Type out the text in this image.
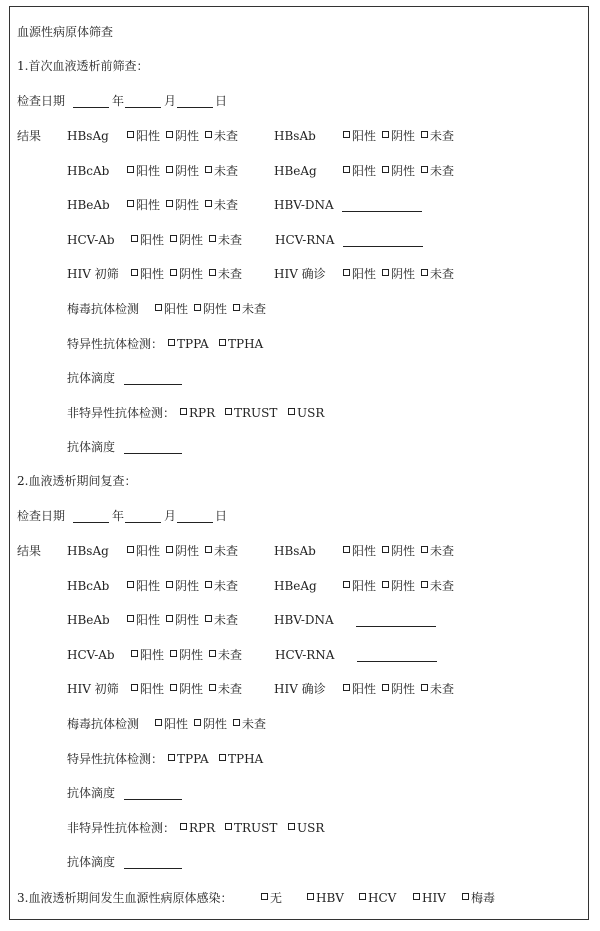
血源性病原体筛查
1.首次血液透析前筛查：
检查日期	年	月	日
结果 HBsAg	阳性	阴性	未查	HBsAb	阳性	阴性	未查
HBcAb	阳性	阴性	未查	HBeAg	阳性	阴性	未查
HBeAb	阳性	阴性	未查	HBV-DNA
HCV-Ab	阳性	阴性	未查	HCV-RNA
HIV 初筛	阳性	阴性	未查	HIV 确诊	阳性	阴性	未查
梅毒抗体检测	阳性	阴性	未查
特异性抗体检测：	TPPA	TPHA
抗体滴度
非特异性抗体检测：	RPR	TRUST	USR
抗体滴度
2.血液透析期间复查：
检查日期	年	月	日
结果 HBsAg	阳性	阴性	未查	HBsAb	阳性	阴性	未查
HBcAb	阳性	阴性	未查	HBeAg	阳性	阴性	未查
HBeAb	阳性	阴性	未查	HBV-DNA
HCV-Ab	阳性	阴性	未查	HCV-RNA
HIV 初筛	阳性	阴性	未查	HIV 确诊	阳性	阴性	未查
梅毒抗体检测	阳性	阴性	未查
特异性抗体检测：	TPPA	TPHA
抗体滴度
非特异性抗体检测：	RPR	TRUST	USR
抗体滴度
3.血液透析期间发生血源性病原体感染：	无	HBV	HCV	HIV	梅毒
